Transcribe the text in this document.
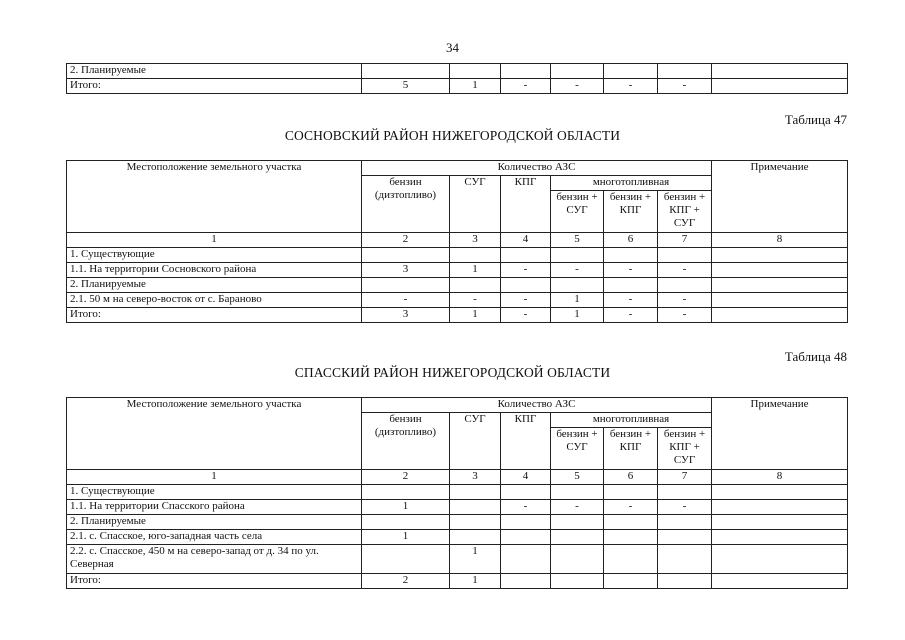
34
2. Планируемые							
Итого:	5	1	-	-	-	-	
Таблица 47
СОСНОВСКИЙ РАЙОН НИЖЕГОРОДСКОЙ ОБЛАСТИ
Местоположение земельного участка	Количество АЗС						Примечание
	бензин (дизтопливо)	СУГ	КПГ	многотопливная			
				бензин + СУГ	бензин + КПГ	бензин + КПГ + СУГ	
1	2	3	4	5	6	7	8
1. Существующие							
1.1. На территории Сосновского района	3	1	-	-	-	-	
2. Планируемые							
2.1. 50 м на северо-восток от с. Бараново	-	-	-	1	-	-	
Итого:	3	1	-	1	-	-	
Таблица 48
СПАССКИЙ РАЙОН НИЖЕГОРОДСКОЙ ОБЛАСТИ
Местоположение земельного участка	Количество АЗС						Примечание
	бензин (дизтопливо)	СУГ	КПГ	многотопливная			
				бензин + СУГ	бензин + КПГ	бензин + КПГ + СУГ	
1	2	3	4	5	6	7	8
1. Существующие							
1.1. На территории Спасского района	1		-	-	-	-	
2. Планируемые							
2.1. с. Спасское, юго-западная часть села	1						
2.2. с. Спасское, 450 м на северо-запад от д. 34 по ул. Северная		1					
Итого:	2	1					
